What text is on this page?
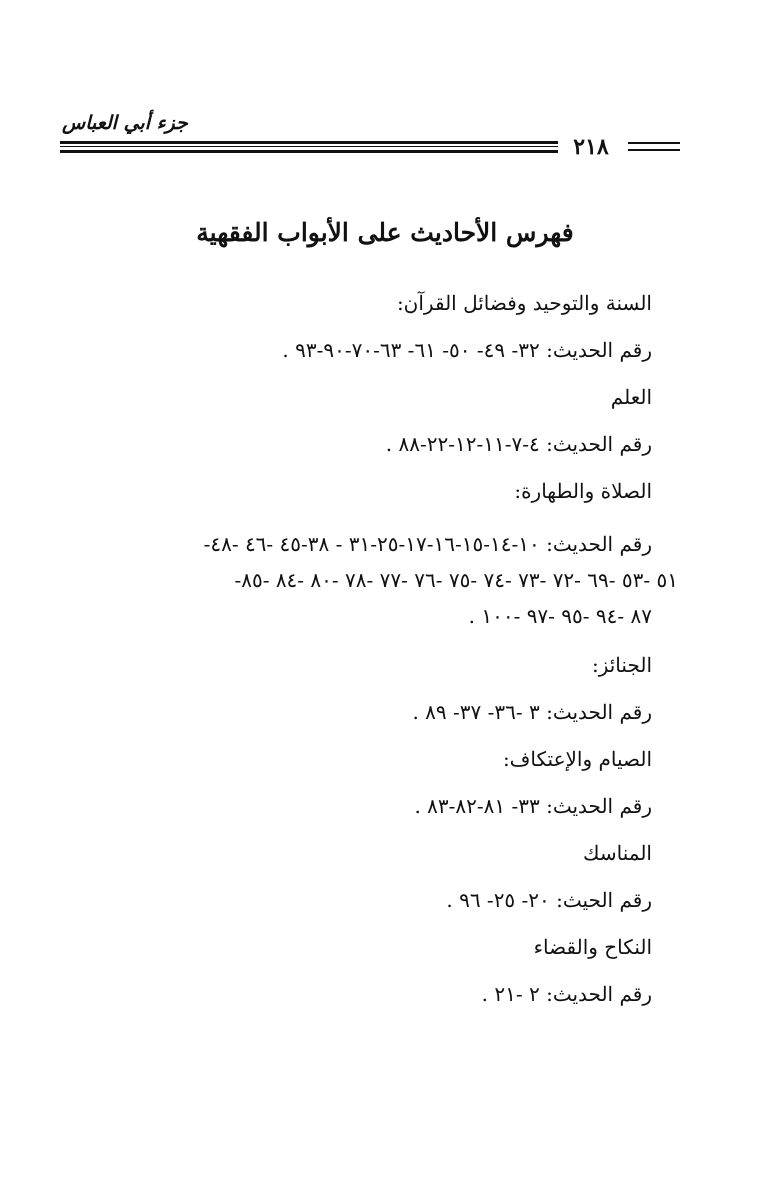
جزء أبي العباس
٢١٨
فهرس الأحاديث على الأبواب الفقهية
السنة والتوحيد وفضائل القرآن:
رقم الحديث: ٣٢- ٤٩- ٥٠- ٦١- ٦٣-٧٠-٩٠-٩٣ .
العلم
رقم الحديث: ٤-٧-١١-١٢-٢٢-٨٨ .
الصلاة والطهارة:
رقم الحديث: ١٠-١٤-١٥-١٦-١٧-٢٥-٣١ - ٣٨-٤٥ -٤٦ -٤٨-
٥١ -٥٣ -٦٩ -٧٢ -٧٣ -٧٤ -٧٥ -٧٦ -٧٧ -٧٨ -٨٠ -٨٤ -٨٥-
٨٧ -٩٤ -٩٥ -٩٧ -١٠٠ .
الجنائز:
رقم الحديث: ٣ -٣٦- ٣٧- ٨٩ .
الصيام والإعتكاف:
رقم الحديث: ٣٣- ٨١-٨٢-٨٣ .
المناسك
رقم الحيث: ٢٠- ٢٥- ٩٦ .
النكاح والقضاء
رقم الحديث: ٢ -٢١ .
